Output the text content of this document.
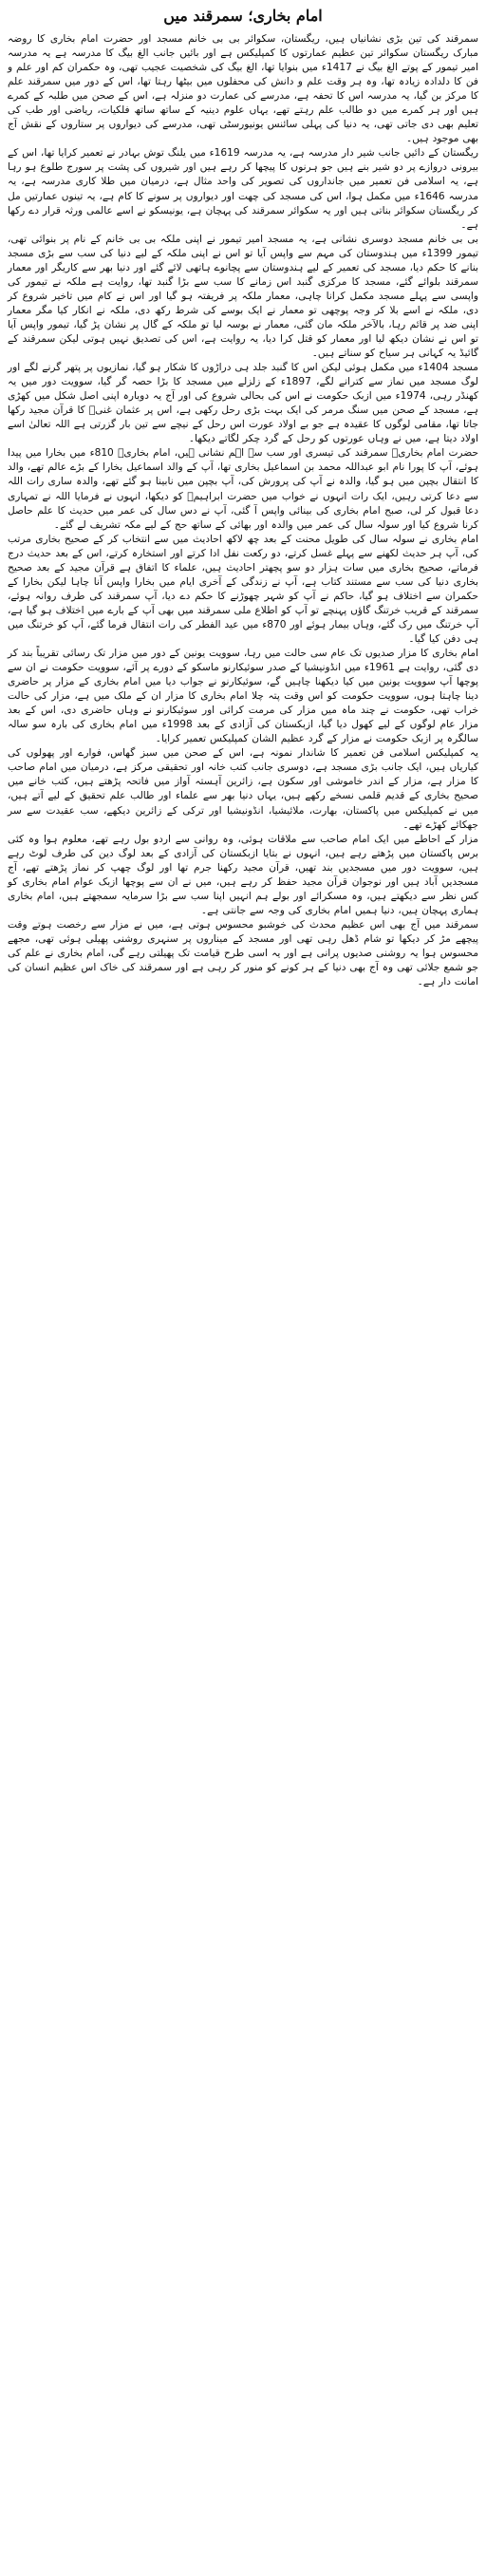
امام بخاری؛ سمرقند میں

سمرقند کی تین بڑی نشانیاں ہیں، ریگستان، سکوائر بی بی خانم مسجد اور حضرت امام بخاری کا روضہ مبارک ریگستان سکوائر تین عظیم عمارتوں کا کمپلیکس ہے اور بائیں جانب الغ بیگ کا مدرسہ ہے یہ مدرسہ امیر تیمور کے پوتے الغ بیگ نے 1417ء میں بنوایا تھا، الغ بیگ کی شخصیت عجیب تھی، وہ حکمران کم اور علم و فن کا دلدادہ زیادہ تھا، وہ ہر وقت علم و دانش کی محفلوں میں بیٹھا رہتا تھا، اس کے دور میں سمرقند علم کا مرکز بن گیا، یہ مدرسہ اس کا تحفہ ہے، مدرسے کی عمارت دو منزلہ ہے، اس کے صحن میں طلبہ کے کمرے ہیں اور ہر کمرے میں دو طالب علم رہتے تھے، یہاں علوم دینیہ کے ساتھ ساتھ فلکیات، ریاضی اور طب کی تعلیم بھی دی جاتی تھی، یہ دنیا کی پہلی سائنس یونیورسٹی تھی، مدرسے کی دیواروں پر ستاروں کے نقش آج بھی موجود ہیں۔

ریگستان کے دائیں جانب شیر دار مدرسہ ہے، یہ مدرسہ 1619ء میں یلنگ توش بہادر نے تعمیر کرایا تھا، اس کے بیرونی دروازے پر دو شیر بنے ہیں جو ہرنوں کا پیچھا کر رہے ہیں اور شیروں کی پشت پر سورج طلوع ہو رہا ہے، یہ اسلامی فن تعمیر میں جانداروں کی تصویر کی واحد مثال ہے، درمیان میں طلا کاری مدرسہ ہے، یہ مدرسہ 1646ء میں مکمل ہوا، اس کی مسجد کی چھت اور دیواروں پر سونے کا کام ہے، یہ تینوں عمارتیں مل کر ریگستان سکوائر بناتی ہیں اور یہ سکوائر سمرقند کی پہچان ہے، یونیسکو نے اسے عالمی ورثہ قرار دے رکھا ہے۔

بی بی خانم مسجد دوسری نشانی ہے، یہ مسجد امیر تیمور نے اپنی ملکہ بی بی خانم کے نام پر بنوائی تھی، تیمور 1399ء میں ہندوستان کی مہم سے واپس آیا تو اس نے اپنی ملکہ کے لیے دنیا کی سب سے بڑی مسجد بنانے کا حکم دیا، مسجد کی تعمیر کے لیے ہندوستان سے پچانوے ہاتھی لائے گئے اور دنیا بھر سے کاریگر اور معمار سمرقند بلوائے گئے، مسجد کا مرکزی گنبد اس زمانے کا سب سے بڑا گنبد تھا، روایت ہے ملکہ نے تیمور کی واپسی سے پہلے مسجد مکمل کرانا چاہی، معمار ملکہ پر فریفتہ ہو گیا اور اس نے کام میں تاخیر شروع کر دی، ملکہ نے اسے بلا کر وجہ پوچھی تو معمار نے ایک بوسے کی شرط رکھ دی، ملکہ نے انکار کیا مگر معمار اپنی ضد پر قائم رہا، بالآخر ملکہ مان گئی، معمار نے بوسہ لیا تو ملکہ کے گال پر نشان پڑ گیا، تیمور واپس آیا تو اس نے نشان دیکھ لیا اور معمار کو قتل کرا دیا، یہ روایت ہے، اس کی تصدیق نہیں ہوتی لیکن سمرقند کے گائیڈ یہ کہانی ہر سیاح کو سناتے ہیں۔

مسجد 1404ء میں مکمل ہوئی لیکن اس کا گنبد جلد ہی دراڑوں کا شکار ہو گیا، نمازیوں پر پتھر گرنے لگے اور لوگ مسجد میں نماز سے کترانے لگے، 1897ء کے زلزلے میں مسجد کا بڑا حصہ گر گیا، سوویت دور میں یہ کھنڈر رہی، 1974ء میں ازبک حکومت نے اس کی بحالی شروع کی اور آج یہ دوبارہ اپنی اصل شکل میں کھڑی ہے، مسجد کے صحن میں سنگ مرمر کی ایک بہت بڑی رحل رکھی ہے، اس پر عثمان غنیؓ کا قرآن مجید رکھا جاتا تھا، مقامی لوگوں کا عقیدہ ہے جو بے اولاد عورت اس رحل کے نیچے سے تین بار گزرتی ہے اللہ تعالیٰ اسے اولاد دیتا ہے، میں نے وہاں عورتوں کو رحل کے گرد چکر لگاتے دیکھا۔

حضرت امام بخاریؒ سمرقند کی تیسری اور سب سے اہم نشانی ہیں، امام بخاریؒ 810ء میں بخارا میں پیدا ہوئے، آپ کا پورا نام ابو عبداللہ محمد بن اسماعیل بخاری تھا، آپ کے والد اسماعیل بخارا کے بڑے عالم تھے، والد کا انتقال بچپن میں ہو گیا، والدہ نے آپ کی پرورش کی، آپ بچپن میں نابینا ہو گئے تھے، والدہ ساری رات اللہ سے دعا کرتی رہیں، ایک رات انہوں نے خواب میں حضرت ابراہیمؑ کو دیکھا، انہوں نے فرمایا اللہ نے تمہاری دعا قبول کر لی، صبح امام بخاری کی بینائی واپس آ گئی، آپ نے دس سال کی عمر میں حدیث کا علم حاصل کرنا شروع کیا اور سولہ سال کی عمر میں والدہ اور بھائی کے ساتھ حج کے لیے مکہ تشریف لے گئے۔

امام بخاری نے سولہ سال کی طویل محنت کے بعد چھ لاکھ احادیث میں سے انتخاب کر کے صحیح بخاری مرتب کی، آپ ہر حدیث لکھنے سے پہلے غسل کرتے، دو رکعت نفل ادا کرتے اور استخارہ کرتے، اس کے بعد حدیث درج فرماتے، صحیح بخاری میں سات ہزار دو سو پچھتر احادیث ہیں، علماء کا اتفاق ہے قرآن مجید کے بعد صحیح بخاری دنیا کی سب سے مستند کتاب ہے، آپ نے زندگی کے آخری ایام میں بخارا واپس آنا چاہا لیکن بخارا کے حکمران سے اختلاف ہو گیا، حاکم نے آپ کو شہر چھوڑنے کا حکم دے دیا، آپ سمرقند کی طرف روانہ ہوئے، سمرقند کے قریب خرتنگ گاؤں پہنچے تو آپ کو اطلاع ملی سمرقند میں بھی آپ کے بارے میں اختلاف ہو گیا ہے، آپ خرتنگ میں رک گئے، وہاں بیمار ہوئے اور 870ء میں عید الفطر کی رات انتقال فرما گئے، آپ کو خرتنگ میں ہی دفن کیا گیا۔

امام بخاری کا مزار صدیوں تک عام سی حالت میں رہا، سوویت یونین کے دور میں مزار تک رسائی تقریباً بند کر دی گئی، روایت ہے 1961ء میں انڈونیشیا کے صدر سوئیکارنو ماسکو کے دورے پر آئے، سوویت حکومت نے ان سے پوچھا آپ سوویت یونین میں کیا دیکھنا چاہیں گے، سوئیکارنو نے جواب دیا میں امام بخاری کے مزار پر حاضری دینا چاہتا ہوں، سوویت حکومت کو اس وقت پتہ چلا امام بخاری کا مزار ان کے ملک میں ہے، مزار کی حالت خراب تھی، حکومت نے چند ماہ میں مزار کی مرمت کرائی اور سوئیکارنو نے وہاں حاضری دی، اس کے بعد مزار عام لوگوں کے لیے کھول دیا گیا، ازبکستان کی آزادی کے بعد 1998ء میں امام بخاری کی بارہ سو سالہ سالگرہ پر ازبک حکومت نے مزار کے گرد عظیم الشان کمپلیکس تعمیر کرایا۔

یہ کمپلیکس اسلامی فن تعمیر کا شاندار نمونہ ہے، اس کے صحن میں سبز گھاس، فوارے اور پھولوں کی کیاریاں ہیں، ایک جانب بڑی مسجد ہے، دوسری جانب کتب خانہ اور تحقیقی مرکز ہے، درمیان میں امام صاحب کا مزار ہے، مزار کے اندر خاموشی اور سکون ہے، زائرین آہستہ آواز میں فاتحہ پڑھتے ہیں، کتب خانے میں صحیح بخاری کے قدیم قلمی نسخے رکھے ہیں، یہاں دنیا بھر سے علماء اور طالب علم تحقیق کے لیے آتے ہیں، میں نے کمپلیکس میں پاکستان، بھارت، ملائیشیا، انڈونیشیا اور ترکی کے زائرین دیکھے، سب عقیدت سے سر جھکائے کھڑے تھے۔

مزار کے احاطے میں ایک امام صاحب سے ملاقات ہوئی، وہ روانی سے اردو بول رہے تھے، معلوم ہوا وہ کئی برس پاکستان میں پڑھتے رہے ہیں، انہوں نے بتایا ازبکستان کی آزادی کے بعد لوگ دین کی طرف لوٹ رہے ہیں، سوویت دور میں مسجدیں بند تھیں، قرآن مجید رکھنا جرم تھا اور لوگ چھپ کر نماز پڑھتے تھے، آج مسجدیں آباد ہیں اور نوجوان قرآن مجید حفظ کر رہے ہیں، میں نے ان سے پوچھا ازبک عوام امام بخاری کو کس نظر سے دیکھتے ہیں، وہ مسکرائے اور بولے ہم انہیں اپنا سب سے بڑا سرمایہ سمجھتے ہیں، امام بخاری ہماری پہچان ہیں، دنیا ہمیں امام بخاری کی وجہ سے جانتی ہے۔

سمرقند میں آج بھی اس عظیم محدث کی خوشبو محسوس ہوتی ہے، میں نے مزار سے رخصت ہوتے وقت پیچھے مڑ کر دیکھا تو شام ڈھل رہی تھی اور مسجد کے میناروں پر سنہری روشنی پھیلی ہوئی تھی، مجھے محسوس ہوا یہ روشنی صدیوں پرانی ہے اور یہ اسی طرح قیامت تک پھیلتی رہے گی، امام بخاری نے علم کی جو شمع جلائی تھی وہ آج بھی دنیا کے ہر کونے کو منور کر رہی ہے اور سمرقند کی خاک اس عظیم انسان کی امانت دار ہے۔
